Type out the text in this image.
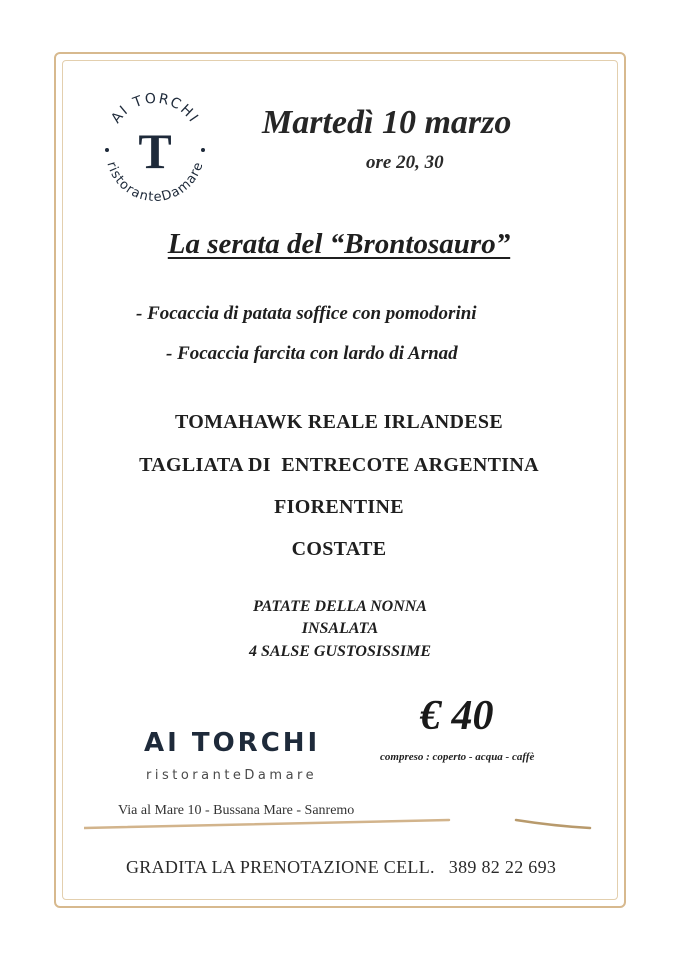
AI TORCHI
ristoranteDamare
T
Martedì 10 marzo
ore 20, 30
La serata del “Brontosauro”
- Focaccia di patata soffice con pomodorini
- Focaccia farcita con lardo di Arnad
TOMAHAWK REALE IRLANDESE
TAGLIATA DI  ENTRECOTE ARGENTINA
FIORENTINE
COSTATE
PATATE DELLA NONNA
INSALATA
4 SALSE GUSTOSISSIME
€ 40
compreso : coperto - acqua - caffè
AI TORCHI
ristoranteDamare
Via al Mare 10 - Bussana Mare - Sanremo
GRADITA LA PRENOTAZIONE CELL. 389 82 22 693
